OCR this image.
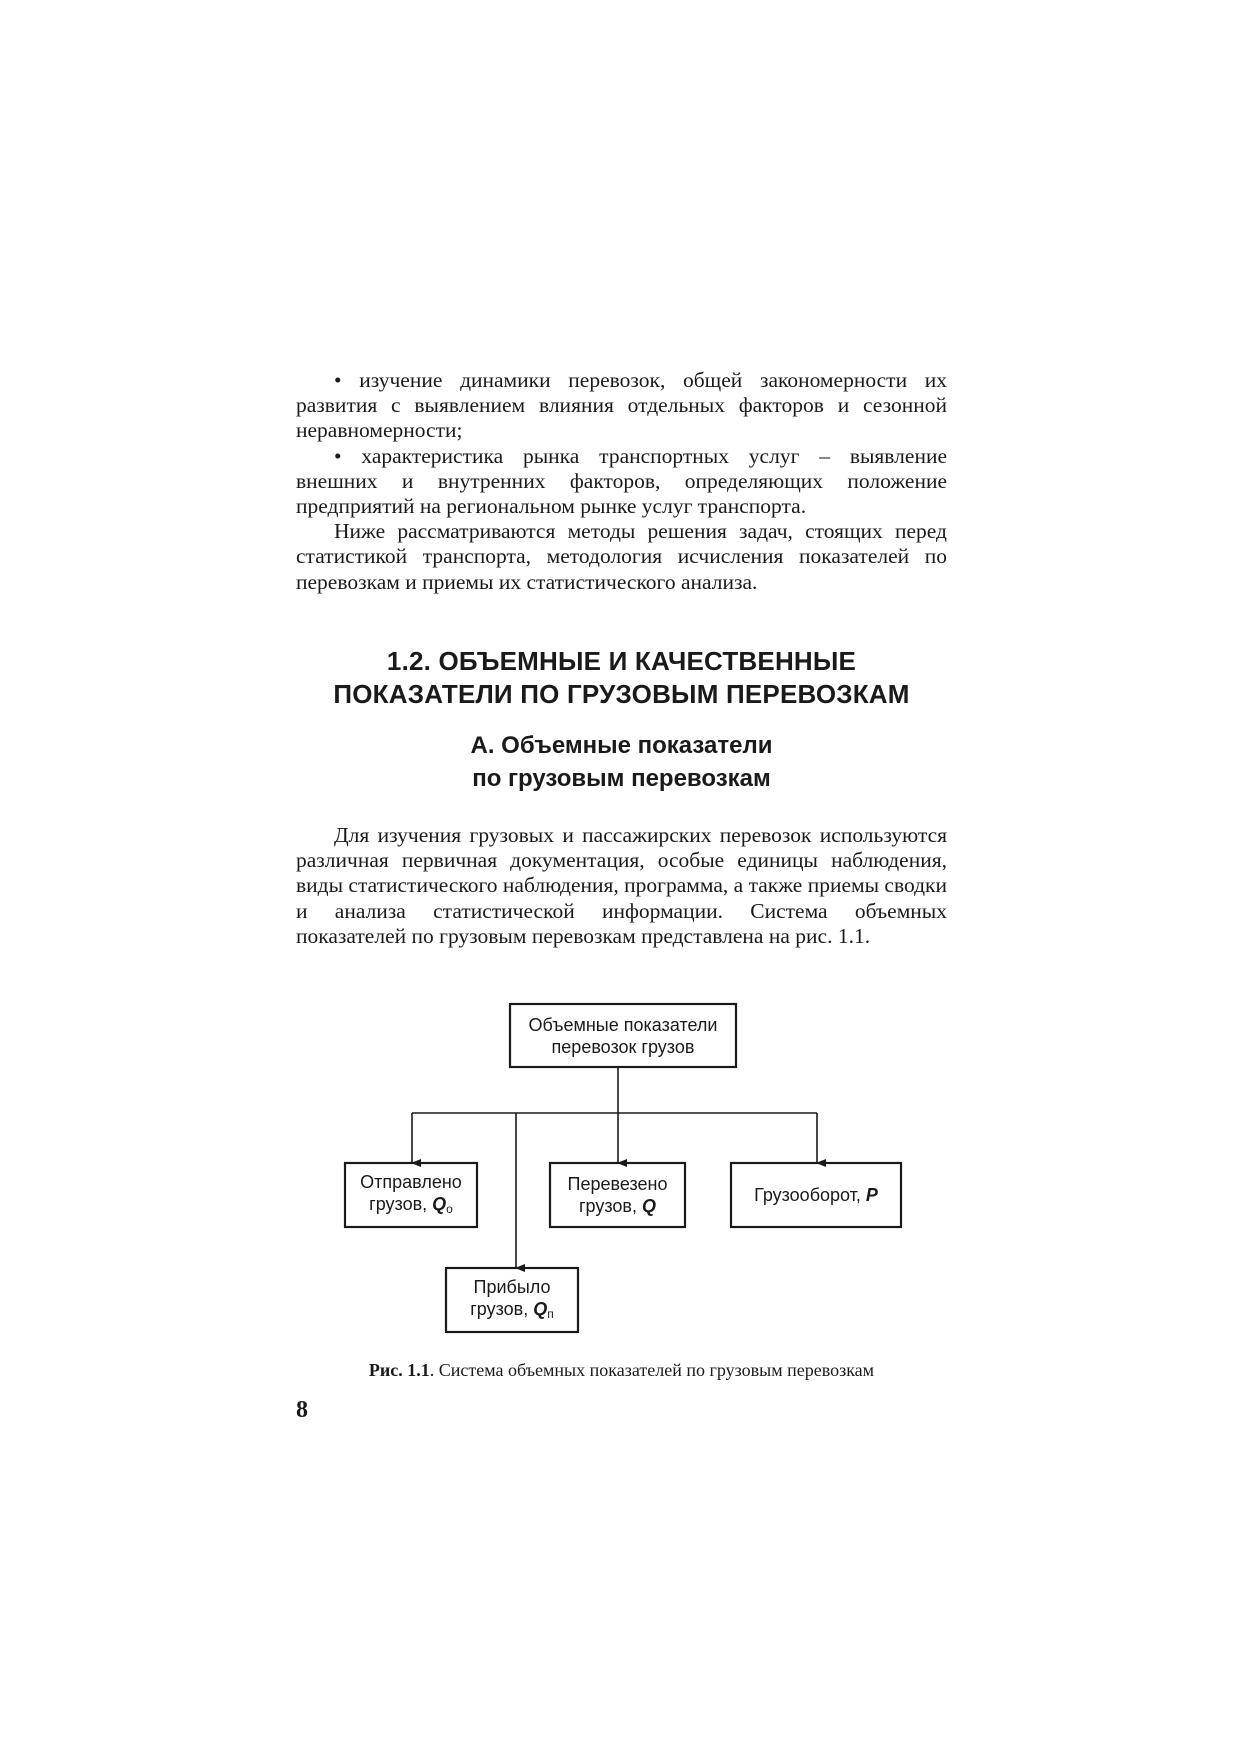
• изучение динамики перевозок, общей закономерности их развития с выявлением влияния отдельных факторов и сезонной неравномерности;

• характеристика рынка транспортных услуг – выявление внешних и внутренних факторов, определяющих положение предприятий на региональном рынке услуг транспорта.

Ниже рассматриваются методы решения задач, стоящих перед статистикой транспорта, методология исчисления показателей по перевозкам и приемы их статистического анализа.

1.2. ОБЪЕМНЫЕ И КАЧЕСТВЕННЫЕ
ПОКАЗАТЕЛИ ПО ГРУЗОВЫМ ПЕРЕВОЗКАМ
А. Объемные показатели
по грузовым перевозкам

Для изучения грузовых и пассажирских перевозок используются различная первичная документация, особые единицы наблюдения, виды статистического наблюдения, программа, а также приемы сводки и анализа статистической информации. Система объемных показателей по грузовым перевозкам представлена на рис. 1.1.

Объемные показатели
перевозок грузов
Отправлено
грузов, $Q_о$
Перевезено
грузов, Q
Грузооборот, P
Прибыло
грузов, $Q_п$
Рис. 1.1. Система объемных показателей по грузовым перевозкам
8
